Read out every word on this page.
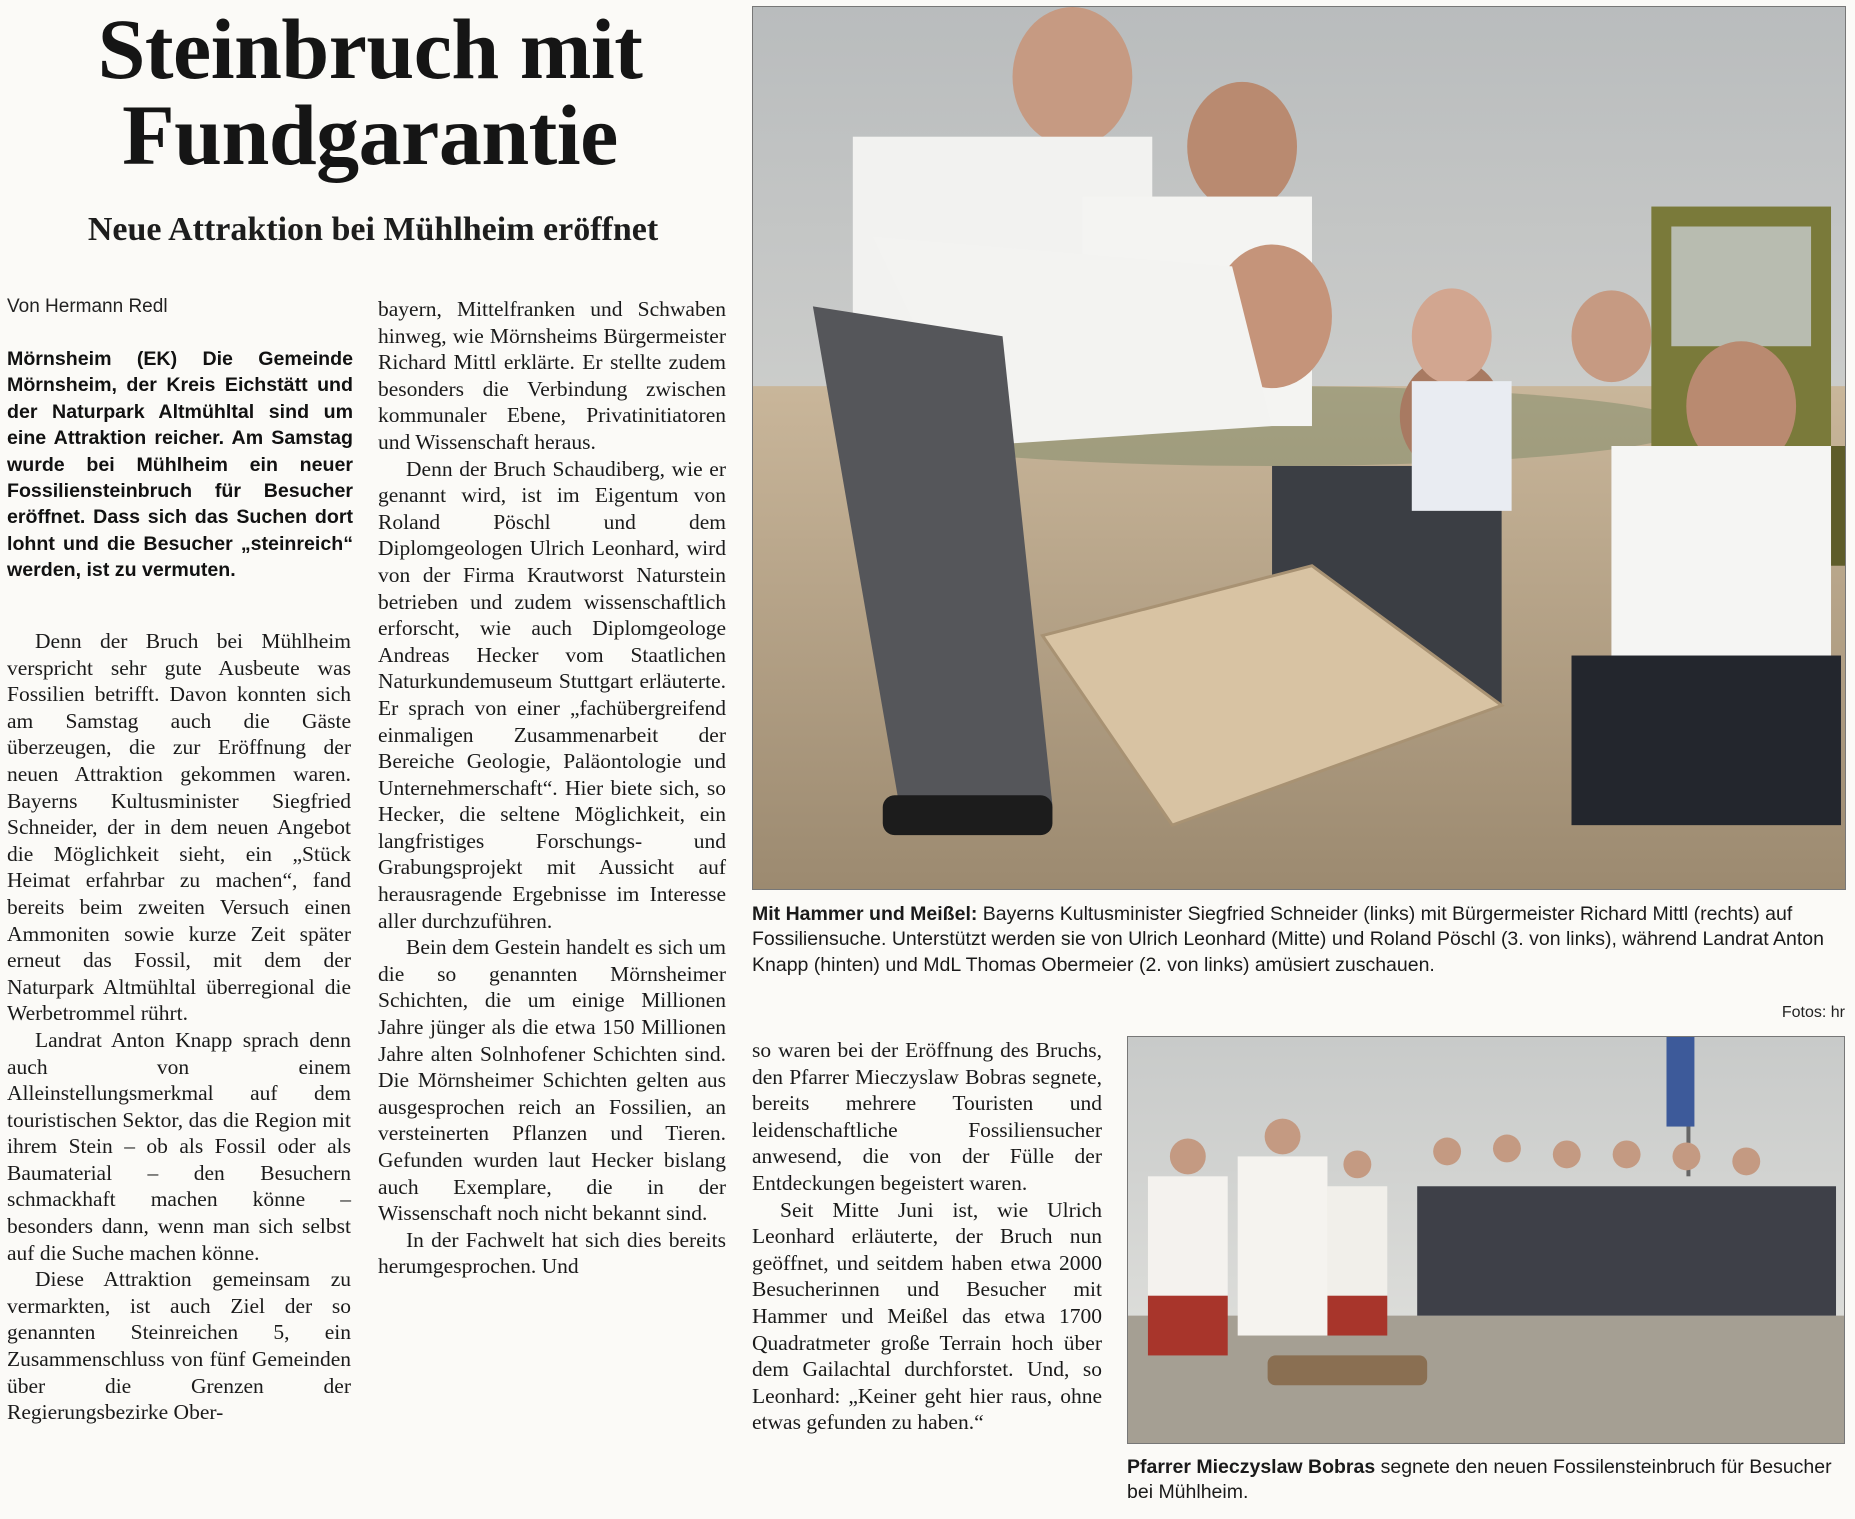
Steinbruch mit Fundgarantie
Neue Attraktion bei Mühlheim eröffnet
Von Hermann Redl
Mörnsheim (EK) Die Gemeinde Mörnsheim, der Kreis Eichstätt und der Naturpark Altmühltal sind um eine Attraktion reicher. Am Samstag wurde bei Mühlheim ein neuer Fossiliensteinbruch für Besucher eröffnet. Dass sich das Suchen dort lohnt und die Besucher „steinreich“ werden, ist zu vermuten.

Denn der Bruch bei Mühlheim verspricht sehr gute Ausbeute was Fossilien betrifft. Davon konnten sich am Samstag auch die Gäste überzeugen, die zur Eröffnung der neuen Attraktion gekommen waren. Bayerns Kultusminister Siegfried Schneider, der in dem neuen Angebot die Möglichkeit sieht, ein „Stück Heimat erfahrbar zu machen“, fand bereits beim zweiten Versuch einen Ammoniten sowie kurze Zeit später erneut das Fossil, mit dem der Naturpark Altmühltal überregional die Werbetrommel rührt.

Landrat Anton Knapp sprach denn auch von einem Alleinstellungsmerkmal auf dem touristischen Sektor, das die Region mit ihrem Stein – ob als Fossil oder als Baumaterial – den Besuchern schmackhaft machen könne – besonders dann, wenn man sich selbst auf die Suche machen könne.

Diese Attraktion gemeinsam zu vermarkten, ist auch Ziel der so genannten Steinreichen 5, ein Zusammenschluss von fünf Gemeinden über die Grenzen der Regierungsbezirke Ober-

bayern, Mittelfranken und Schwaben hinweg, wie Mörnsheims Bürgermeister Richard Mittl erklärte. Er stellte zudem besonders die Verbindung zwischen kommunaler Ebene, Privatinitiatoren und Wissenschaft heraus.

Denn der Bruch Schaudiberg, wie er genannt wird, ist im Eigentum von Roland Pöschl und dem Diplomgeologen Ulrich Leonhard, wird von der Firma Krautworst Naturstein betrieben und zudem wissenschaftlich erforscht, wie auch Diplomgeologe Andreas Hecker vom Staatlichen Naturkundemuseum Stuttgart erläuterte. Er sprach von einer „fachübergreifend einmaligen Zusammenarbeit der Bereiche Geologie, Paläontologie und Unternehmerschaft“. Hier biete sich, so Hecker, die seltene Möglichkeit, ein langfristiges Forschungs- und Grabungsprojekt mit Aussicht auf herausragende Ergebnisse im Interesse aller durchzuführen.

Bein dem Gestein handelt es sich um die so genannten Mörnsheimer Schichten, die um einige Millionen Jahre jünger als die etwa 150 Millionen Jahre alten Solnhofener Schichten sind. Die Mörnsheimer Schichten gelten aus ausgesprochen reich an Fossilien, an versteinerten Pflanzen und Tieren. Gefunden wurden laut Hecker bislang auch Exemplare, die in der Wissenschaft noch nicht bekannt sind.

In der Fachwelt hat sich dies bereits herumgesprochen. Und

so waren bei der Eröffnung des Bruchs, den Pfarrer Mieczyslaw Bobras segnete, bereits mehrere Touristen und leidenschaftliche Fossiliensucher anwesend, die von der Fülle der Entdeckungen begeistert waren.

Seit Mitte Juni ist, wie Ulrich Leonhard erläuterte, der Bruch nun geöffnet, und seitdem haben etwa 2000 Besucherinnen und Besucher mit Hammer und Meißel das etwa 1700 Quadratmeter große Terrain hoch über dem Gailachtal durchforstet. Und, so Leonhard: „Keiner geht hier raus, ohne etwas gefunden zu haben.“

Mit Hammer und Meißel: Bayerns Kultusminister Siegfried Schneider (links) mit Bürgermeister Richard Mittl (rechts) auf Fossiliensuche. Unterstützt werden sie von Ulrich Leonhard (Mitte) und Roland Pöschl (3. von links), während Landrat Anton Knapp (hinten) und MdL Thomas Obermeier (2. von links) amüsiert zuschauen.
Fotos: hr
Pfarrer Mieczyslaw Bobras segnete den neuen Fossilensteinbruch für Besucher bei Mühlheim.
